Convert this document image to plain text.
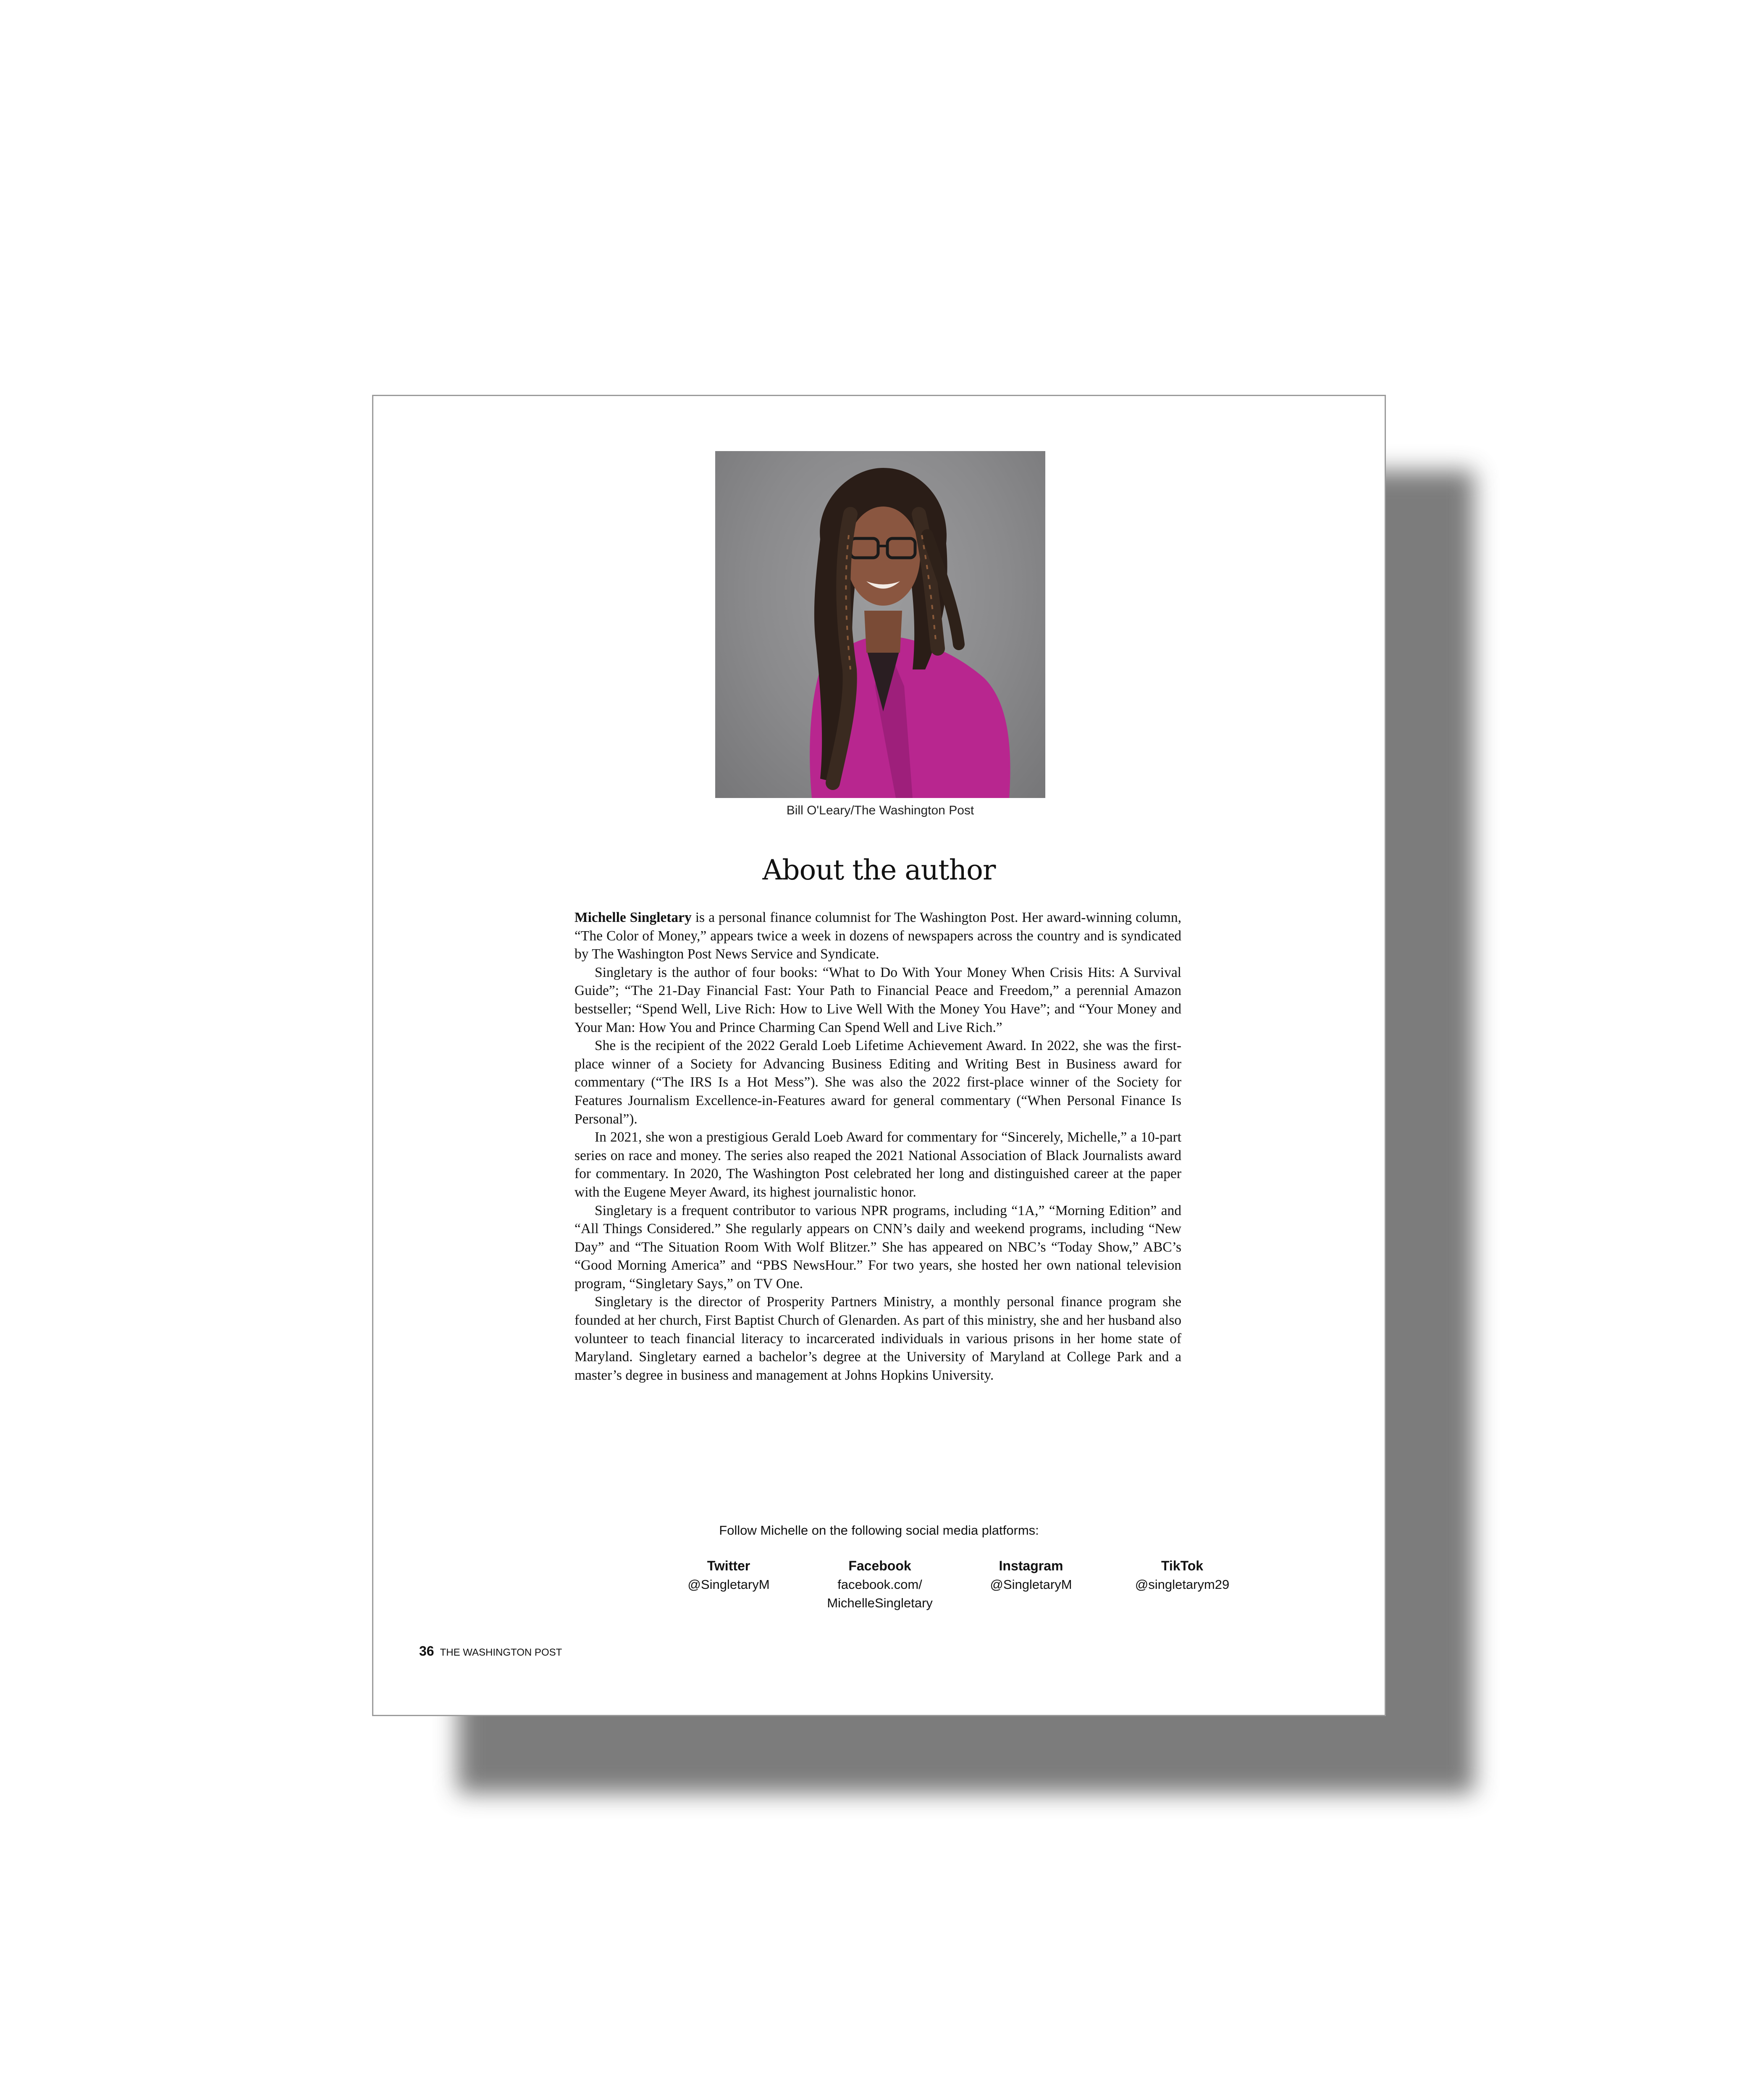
Bill O'Leary/The Washington Post
About the author

Michelle Singletary is a personal finance columnist for The Washington Post. Her award-winning column, “The Color of Money,” appears twice a week in dozens of newspapers across the country and is syndicated by The Washington Post News Service and Syndicate.

Singletary is the author of four books: “What to Do With Your Money When Crisis Hits: A Survival Guide”; “The 21-Day Financial Fast: Your Path to Financial Peace and Freedom,” a perennial Amazon bestseller; “Spend Well, Live Rich: How to Live Well With the Money You Have”; and “Your Money and Your Man: How You and Prince Charming Can Spend Well and Live Rich.”

She is the recipient of the 2022 Gerald Loeb Lifetime Achievement Award. In 2022, she was the first-place winner of a Society for Advancing Business Editing and Writing Best in Business award for commentary (“The IRS Is a Hot Mess”). She was also the 2022 first-place winner of the Society for Features Journalism Excellence-in-Features award for general commentary (“When Personal Finance Is Personal”).

In 2021, she won a prestigious Gerald Loeb Award for commentary for “Sincerely, Michelle,” a 10-part series on race and money. The series also reaped the 2021 National Association of Black Journalists award for commentary. In 2020, The Washington Post celebrated her long and distinguished career at the paper with the Eugene Meyer Award, its highest journalistic honor.

Singletary is a frequent contributor to various NPR programs, including “1A,” “Morning Edition” and “All Things Considered.” She regularly appears on CNN’s daily and weekend programs, including “New Day” and “The Situation Room With Wolf Blitzer.” She has appeared on NBC’s “Today Show,” ABC’s “Good Morning America” and “PBS NewsHour.” For two years, she hosted her own national television program, “Singletary Says,” on TV One.

Singletary is the director of Prosperity Partners Ministry, a monthly personal finance program she founded at her church, First Baptist Church of Glenarden. As part of this ministry, she and her husband also volunteer to teach financial literacy to incarcerated individuals in various prisons in her home state of Maryland. Singletary earned a bachelor’s degree at the University of Maryland at College Park and a master’s degree in business and management at Johns Hopkins University.

Follow Michelle on the following social media platforms:
Twitter
@SingletaryM
Facebook
facebook.com/
MichelleSingletary
Instagram
@SingletaryM
TikTok
@singletarym29
36 THE WASHINGTON POST
